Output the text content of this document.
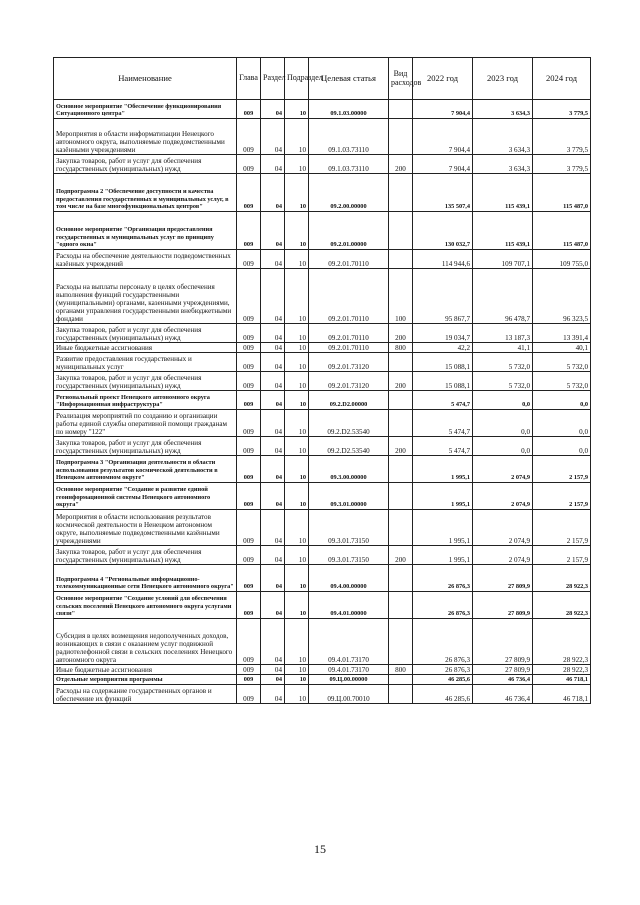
Наименование	Глава	Раздел	Подраздел	Целевая статья	Вид расходов	2022 год	2023 год	2024 год
Основное мероприятие "Обеспечение функционирования Ситуационного центра"	009	04	10	09.1.03.00000		7 904,4	3 634,3	3 779,5
Мероприятия в области информатизации Ненецкого автономного округа, выполняемые подведомственными казёнными учреждениями	009	04	10	09.1.03.73110		7 904,4	3 634,3	3 779,5
Закупка товаров, работ и услуг для обеспечения государственных (муниципальных) нужд	009	04	10	09.1.03.73110	200	7 904,4	3 634,3	3 779,5
Подпрограмма 2 "Обеспечение доступности и качества предоставления государственных и муниципальных услуг, в том числе на базе многофункциональных центров"	009	04	10	09.2.00.00000		135 507,4	115 439,1	115 487,0
Основное мероприятие "Организация предоставления государственных и муниципальных услуг по принципу "одного окна"	009	04	10	09.2.01.00000		130 032,7	115 439,1	115 487,0
Расходы на обеспечение деятельности подведомственных казённых учреждений	009	04	10	09.2.01.70110		114 944,6	109 707,1	109 755,0
Расходы на выплаты персоналу в целях обеспечения выполнения функций государственными (муниципальными) органами, казенными учреждениями, органами управления государственными внебюджетными фондами	009	04	10	09.2.01.70110	100	95 867,7	96 478,7	96 323,5
Закупка товаров, работ и услуг для обеспечения государственных (муниципальных) нужд	009	04	10	09.2.01.70110	200	19 034,7	13 187,3	13 391,4
Иные бюджетные ассигнования	009	04	10	09.2.01.70110	800	42,2	41,1	40,1
Развитие предоставления государственных и муниципальных услуг	009	04	10	09.2.01.73120		15 088,1	5 732,0	5 732,0
Закупка товаров, работ и услуг для обеспечения государственных (муниципальных) нужд	009	04	10	09.2.01.73120	200	15 088,1	5 732,0	5 732,0
Региональный проект Ненецкого автономного округа "Информационная инфраструктура"	009	04	10	09.2.D2.00000		5 474,7	0,0	0,0
Реализация мероприятий по созданию и организации работы единой службы оперативной помощи гражданам по номеру "122"	009	04	10	09.2.D2.53540		5 474,7	0,0	0,0
Закупка товаров, работ и услуг для обеспечения государственных (муниципальных) нужд	009	04	10	09.2.D2.53540	200	5 474,7	0,0	0,0
Подпрограмма 3 "Организация деятельности в области использования результатов космической деятельности в Ненецком автономном округе"	009	04	10	09.3.00.00000		1 995,1	2 074,9	2 157,9
Основное мероприятие "Создание и развитие единой геоинформационной системы Ненецкого автономного округа"	009	04	10	09.3.01.00000		1 995,1	2 074,9	2 157,9
Мероприятия в области использования результатов космической деятельности в Ненецком автономном округе, выполняемые подведомственными казёнными учреждениями	009	04	10	09.3.01.73150		1 995,1	2 074,9	2 157,9
Закупка товаров, работ и услуг для обеспечения государственных (муниципальных) нужд	009	04	10	09.3.01.73150	200	1 995,1	2 074,9	2 157,9
Подпрограмма 4 "Региональные информационно-телекоммуникационные сети Ненецкого автономного округа"	009	04	10	09.4.00.00000		26 876,3	27 809,9	28 922,3
Основное мероприятие "Создание условий для обеспечения сельских поселений Ненецкого автономного округа услугами связи"	009	04	10	09.4.01.00000		26 876,3	27 809,9	28 922,3
Субсидия в целях возмещения недополученных доходов, возникающих в связи с оказанием услуг подвижной радиотелефонной связи в сельских поселениях Ненецкого автономного округа	009	04	10	09.4.01.73170		26 876,3	27 809,9	28 922,3
Иные бюджетные ассигнования	009	04	10	09.4.01.73170	800	26 876,3	27 809,9	28 922,3
Отдельные мероприятия программы	009	04	10	09.Ц.00.00000		46 285,6	46 736,4	46 718,1
Расходы на содержание государственных органов и обеспечение их функций	009	04	10	09.Ц.00.70010		46 285,6	46 736,4	46 718,1
15
